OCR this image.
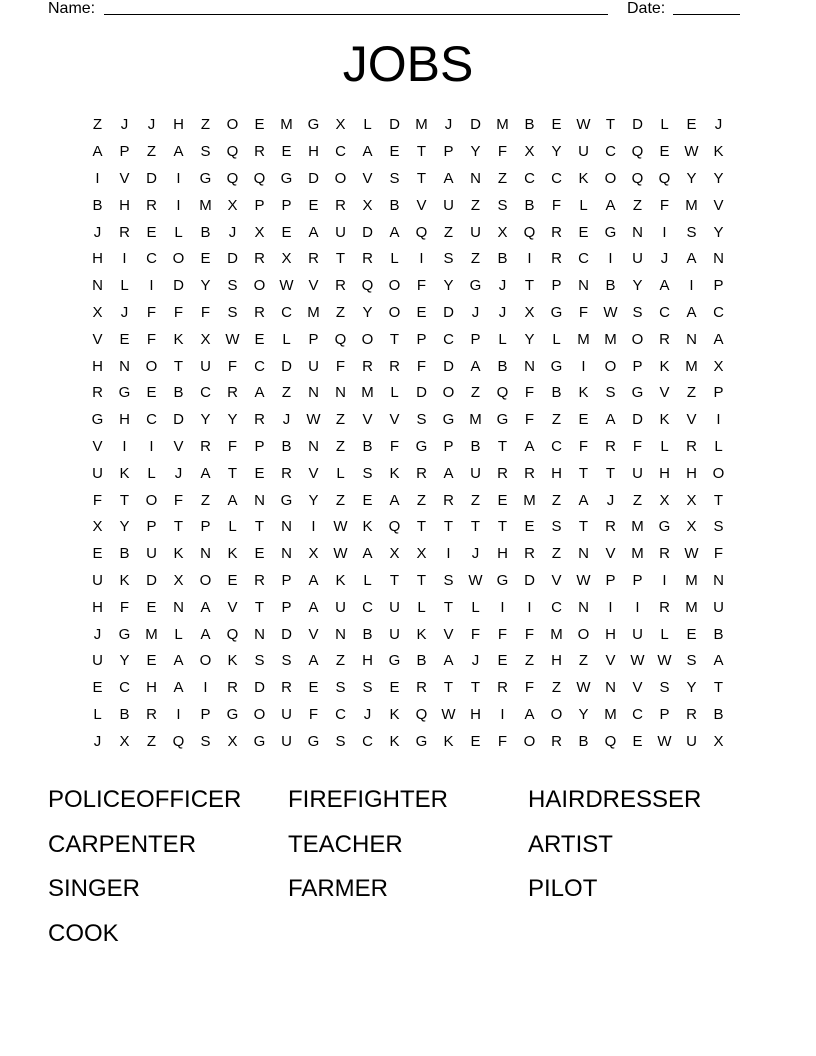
Name:	Date:
JOBS
Z	J	J	H	Z	O	E	M G	X	L	D	M	J	D	M	B	E W	T	D	L	E	J
A	P	Z	A	S	Q	R	E	H	C	A	E	T	P	Y	F	X	Y	U	C	Q	E W K
I	V	D	I	G	Q	Q	G	D	O	V	S	T	A	N	Z	C	C	K	O	Q	Q	Y	Y
B	H	R	I	M	X	P	P	E	R	X	B	V	U	Z	S	B	F	L	A	Z	F	M	V
J	R	E	L	B	J	X	E	A	U	D	A	Q	Z	U	X	Q	R	E	G	N	I	S	Y
H	I	C	O	E	D	R	X	R	T	R	L	I	S	Z	B	I	R	C	I	U	J	A	N
N	L	I	D	Y	S	O W V	R	Q	O	F	Y	G	J	T	P	N	B	Y	A	I	P
X	J	F	F	F	S	R	C	M	Z	Y	O	E	D	J	J	X	G	F	W S	C	A	C
V	E	F	K	X W E	L	P	Q	O	T	P	C	P	L	Y	L	M M O	R	N	A
H	N	O	T	U	F	C	D	U	F	R	R	F	D	A	B	N	G	I	O	P	K	M	X
R	G	E	B	C	R	A	Z	N	N	M	L	D	O	Z	Q	F	B	K	S	G	V	Z	P
G	H	C	D	Y	Y	R	J	W	Z	V	V	S	G M G	F	Z	E	A	D	K	V	I
V	I	I	V	R	F	P	B	N	Z	B	F	G	P	B	T	A	C	F	R	F	L	R	L
U	K	L	J	A	T	E	R	V	L	S	K	R	A	U	R	R	H	T	T	U	H	H	O
F	T	O	F	Z	A	N	G	Y	Z	E	A	Z	R	Z	E	M	Z	A	J	Z	X	X	T
X	Y	P	T	P	L	T	N	I	W K	Q	T	T	T	T	E	S	T	R	M G	X	S
E	B	U	K	N	K	E	N	X W A	X	X	I	J	H	R	Z	N	V	M	R W	F
U	K	D	X	O	E	R	P	A	K	L	T	T	S W G	D	V W P	P	I	M	N
H	F	E	N	A	V	T	P	A	U	C	U	L	T	L	I	I	C	N	I	I	R	M	U
J	G M	L	A	Q	N	D	V	N	B	U	K	V	F	F	F	M O	H	U	L	E	B
U	Y	E	A	O	K	S	S	A	Z	H	G	B	A	J	E	Z	H	Z	V W W S	A
E	C	H	A	I	R	D	R	E	S	S	E	R	T	T	R	F	Z	W N	V	S	Y	T
L	B	R	I	P	G	O	U	F	C	J	K	Q W H	I	A	O	Y	M	C	P	R	B
J	X	Z	Q	S	X	G	U	G	S	C	K	G	K	E	F	O	R	B	Q	E W U	X
POLICEOFFICER	FIREFIGHTER	HAIRDRESSER
CARPENTER	TEACHER	ARTIST
SINGER	FARMER	PILOT
COOK
